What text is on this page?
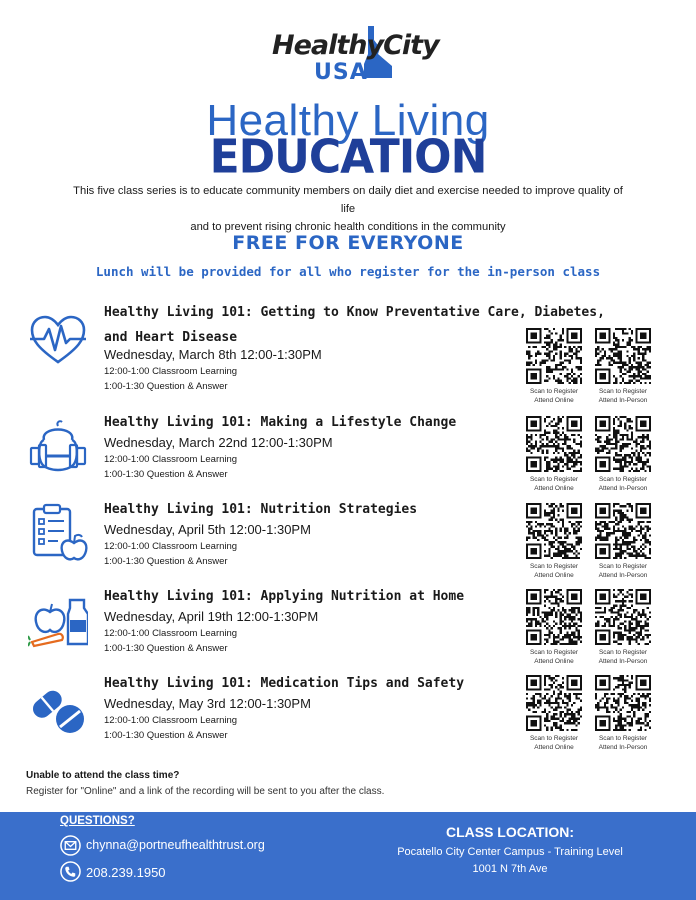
HealthyCity
USA
Healthy Living
EDUCATION
This five class series is to educate community members on daily diet and exercise needed to improve quality of life
and to prevent rising chronic health conditions in the community
FREE FOR EVERYONE
Lunch will be provided for all who register for the in-person class
Healthy Living 101: Getting to Know Preventative Care, Diabetes, and Heart Disease
Wednesday, March 8th 12:00-1:30PM
12:00-1:00 Classroom Learning
1:00-1:30 Question & Answer
Healthy Living 101: Making a Lifestyle Change
Wednesday, March 22nd 12:00-1:30PM
12:00-1:00 Classroom Learning
1:00-1:30 Question & Answer
Healthy Living 101: Nutrition Strategies
Wednesday, April 5th 12:00-1:30PM
12:00-1:00 Classroom Learning
1:00-1:30 Question & Answer
Healthy Living 101: Applying Nutrition at Home
Wednesday, April 19th 12:00-1:30PM
12:00-1:00 Classroom Learning
1:00-1:30 Question & Answer
Healthy Living 101: Medication Tips and Safety
Wednesday, May 3rd 12:00-1:30PM
12:00-1:00 Classroom Learning
1:00-1:30 Question & Answer
Scan to Register
Attend Online
Scan to Register
Attend In-Person
Scan to Register
Attend Online
Scan to Register
Attend In-Person
Scan to Register
Attend Online
Scan to Register
Attend In-Person
Scan to Register
Attend Online
Scan to Register
Attend In-Person
Scan to Register
Attend Online
Scan to Register
Attend In-Person
Unable to attend the class time?
Register for "Online" and a link of the recording will be sent to you after the class.
QUESTIONS?
chynna@portneufhealthtrust.org
208.239.1950
CLASS LOCATION:
Pocatello City Center Campus - Training Level
1001 N 7th Ave
